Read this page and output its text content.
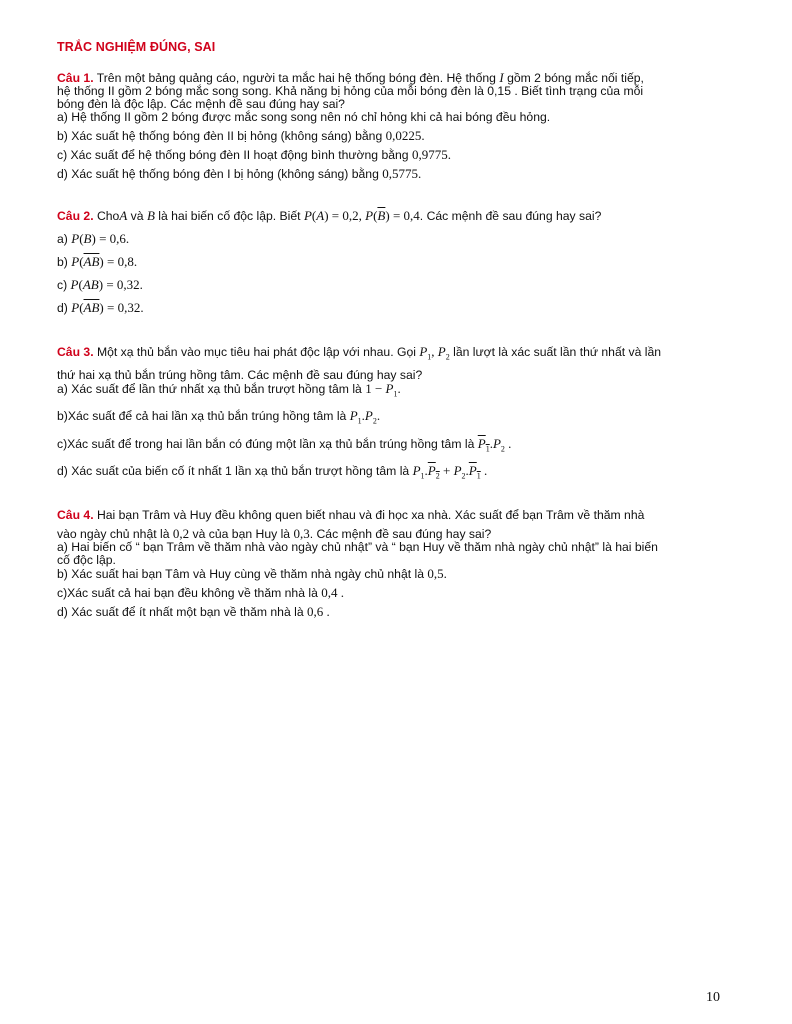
TRẮC NGHIỆM ĐÚNG, SAI

Câu 1. Trên một bảng quảng cáo, người ta mắc hai hệ thống bóng đèn. Hệ thống I gồm 2 bóng mắc nối tiếp,

hệ thống II gồm 2 bóng mắc song song. Khả năng bị hỏng của mỗi bóng đèn là 0,15 . Biết tình trạng của mỗi

bóng đèn là độc lập. Các mệnh đề sau đúng hay sai?

a) Hệ thống II gồm 2 bóng được mắc song song nên nó chỉ hỏng khi cả hai bóng đều hỏng.

b) Xác suất hệ thống bóng đèn II bị hỏng (không sáng) bằng 0,0225.

c) Xác suất để hệ thống bóng đèn II hoạt động bình thường bằng 0,9775.

d) Xác suất hệ thống bóng đèn I bị hỏng (không sáng) bằng 0,5775.

Câu 2. ChoA và B là hai biến cố độc lập. Biết P(A) = 0,2, $P(\overline{B}) = 0,4$. Các mệnh đề sau đúng hay sai?

a) P(B) = 0,6.

b) $P(\overline{AB}) = 0,8$.

c) P(AB) = 0,32.

d) $P(\overline{AB}) = 0,32$.

Câu 3. Một xạ thủ bắn vào mục tiêu hai phát độc lập với nhau. Gọi $P_1$, $P_2$ lần lượt là xác suất lần thứ nhất và lần

thứ hai xạ thủ bắn trúng hồng tâm. Các mệnh đề sau đúng hay sai?

a) Xác suất để lần thứ nhất xạ thủ bắn trượt hồng tâm là $1 - P_1$.

b)Xác suất để cả hai lần xạ thủ bắn trúng hồng tâm là $P_1.P_2$.

c)Xác suất để trong hai lần bắn có đúng một lần xạ thủ bắn trúng hồng tâm là $P_1.P_2$ .

d) Xác suất của biến cố ít nhất 1 lần xạ thủ bắn trượt hồng tâm là $P_1.P_2 + P_2.P_1$ .

Câu 4. Hai bạn Trâm và Huy đều không quen biết nhau và đi học xa nhà. Xác suất để bạn Trâm về thăm nhà

vào ngày chủ nhật là 0,2 và của bạn Huy là 0,3. Các mệnh đề sau đúng hay sai?

a) Hai biến cố “ bạn Trâm về thăm nhà vào ngày chủ nhật” và “ bạn Huy về thăm nhà ngày chủ nhật” là hai biến

cố độc lập.

b) Xác suất hai bạn Tâm và Huy cùng về thăm nhà ngày chủ nhật là 0,5.

c)Xác suất cả hai bạn đều không về thăm nhà là 0,4 .

d) Xác suất để ít nhất một bạn về thăm nhà là 0,6 .

10
